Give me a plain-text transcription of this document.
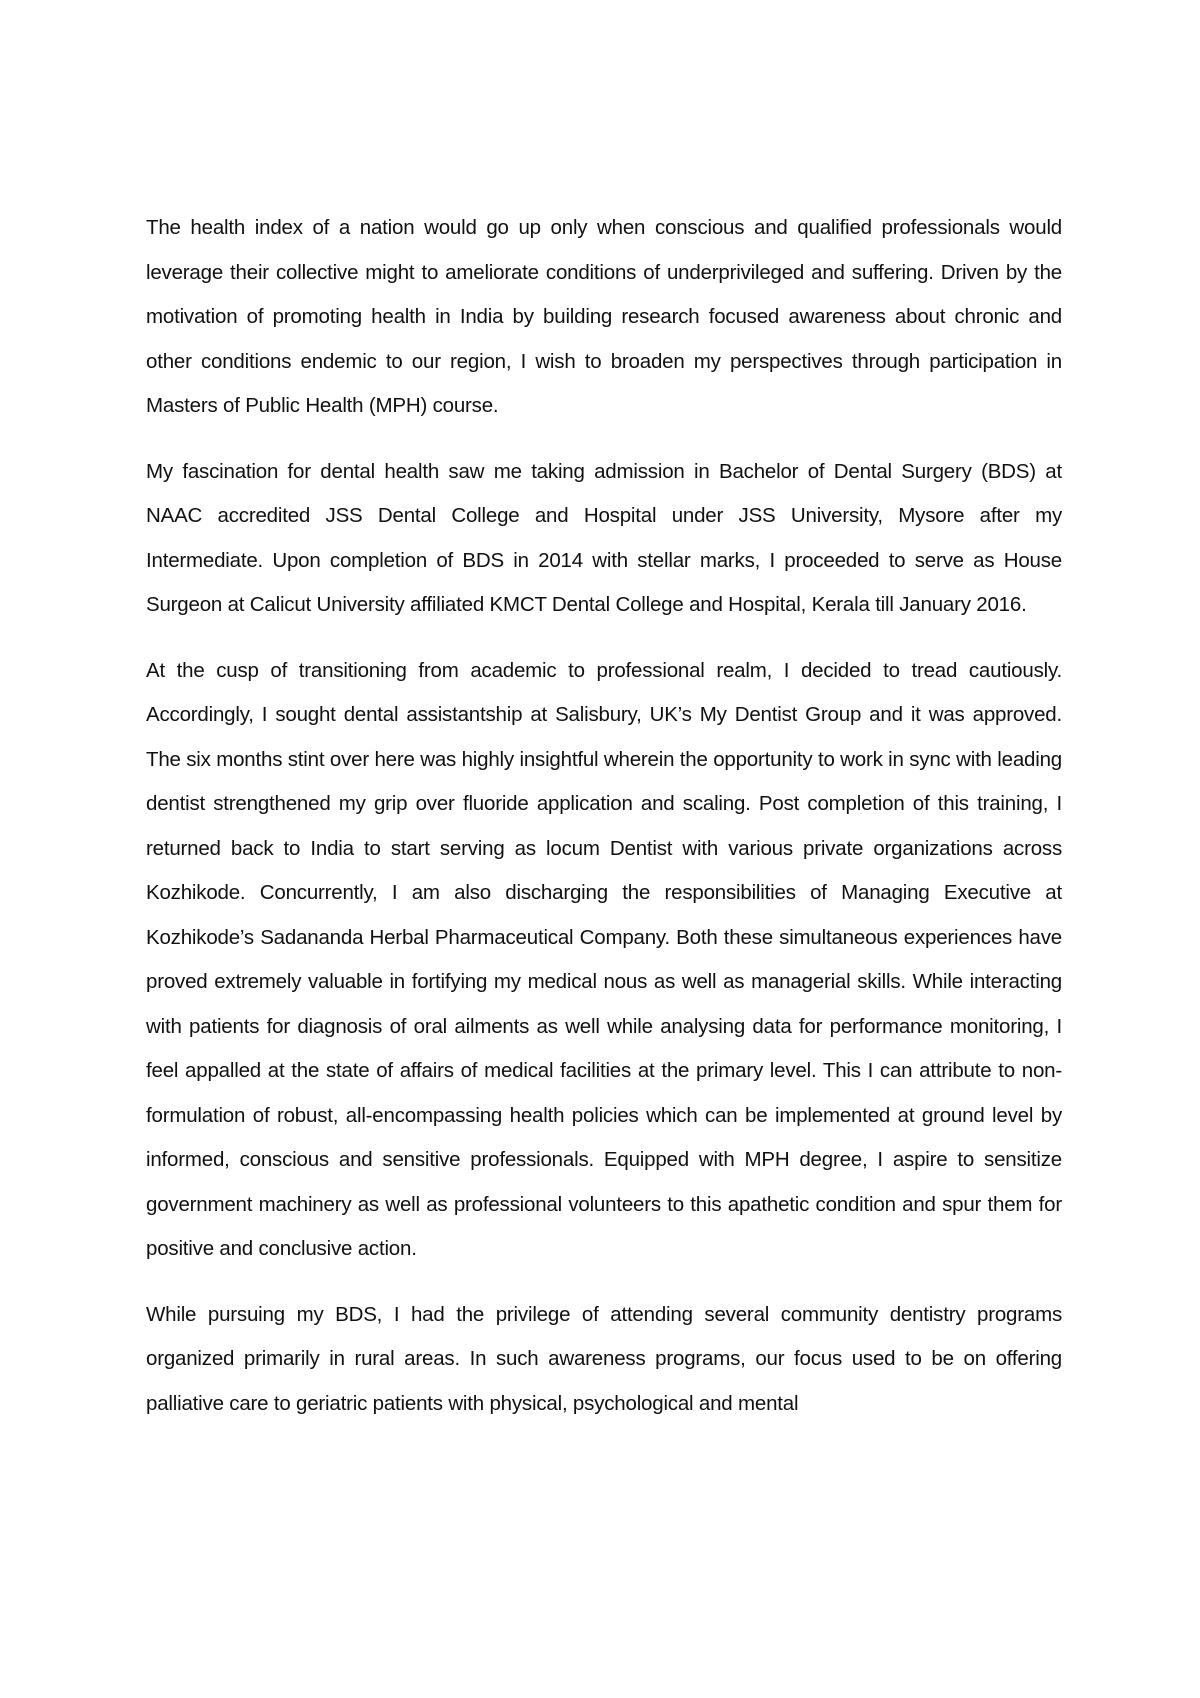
The health index of a nation would go up only when conscious and qualified professionals would leverage their collective might to ameliorate conditions of underprivileged and suffering. Driven by the motivation of promoting health in India by building research focused awareness about chronic and other conditions endemic to our region, I wish to broaden my perspectives through participation in Masters of Public Health (MPH) course.

My fascination for dental health saw me taking admission in Bachelor of Dental Surgery (BDS) at NAAC accredited JSS Dental College and Hospital under JSS University, Mysore after my Intermediate. Upon completion of BDS in 2014 with stellar marks, I proceeded to serve as House Surgeon at Calicut University affiliated KMCT Dental College and Hospital, Kerala till January 2016.

At the cusp of transitioning from academic to professional realm, I decided to tread cautiously. Accordingly, I sought dental assistantship at Salisbury, UK’s My Dentist Group and it was approved. The six months stint over here was highly insightful wherein the opportunity to work in sync with leading dentist strengthened my grip over fluoride application and scaling. Post completion of this training, I returned back to India to start serving as locum Dentist with various private organizations across Kozhikode. Concurrently, I am also discharging the responsibilities of Managing Executive at Kozhikode’s Sadananda Herbal Pharmaceutical Company. Both these simultaneous experiences have proved extremely valuable in fortifying my medical nous as well as managerial skills. While interacting with patients for diagnosis of oral ailments as well while analysing data for performance monitoring, I feel appalled at the state of affairs of medical facilities at the primary level. This I can attribute to non-formulation of robust, all-encompassing health policies which can be implemented at ground level by informed, conscious and sensitive professionals. Equipped with MPH degree, I aspire to sensitize government machinery as well as professional volunteers to this apathetic condition and spur them for positive and conclusive action.

While pursuing my BDS, I had the privilege of attending several community dentistry programs organized primarily in rural areas. In such awareness programs, our focus used to be on offering palliative care to geriatric patients with physical, psychological and mental
